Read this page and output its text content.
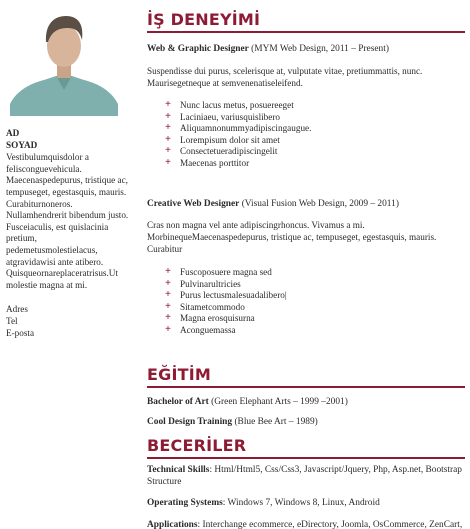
AD
SOYAD
Vestibulumquisdolor a felisconguevehicula. Maecenaspedepurus, tristique ac, tempuseget, egestasquis, mauris. Curabiturnoneros. Nullamhendrerit bibendum justo. Fusceiaculis, est quislacinia pretium, pedemetusmolestielacus, atgravidawisi ante atibero. Quisqueornareplaceratrisus.Ut molestie magna at mi.
Adres
Tel
E-posta
İŞ DENEYİMİ
Web & Graphic Designer (MYM Web Design, 2011 – Present)
Suspendisse dui purus, scelerisque at, vulputate vitae, pretiummattis, nunc. Maurisegetneque at semvenenatiseleifend.
+ Nunc lacus metus, posuereeget
+ Laciniaeu, variusquislibero
+ Aliquamnonummyadipiscingaugue.
+ Lorempisum dolor sit amet
+ Consectetueradipiscingelit
+ Maecenas porttitor
Creative Web Designer (Visual Fusion Web Design, 2009 – 2011)
Cras non magna vel ante adipiscingrhoncus. Vivamus a mi. MorbinequeMaecenaspedepurus, tristique ac, tempuseget, egestasquis, mauris. Curabitur
+ Fuscoposuere magna sed
+ Pulvinarultricies
+ Purus lectusmalesuadalibero|
+ Sitametcommodo
+ Magna erosquisurna
+ Aconguemassa
EĞİTİM
Bachelor of Art (Green Elephant Arts – 1999 –2001)
Cool Design Training (Blue Bee Art – 1989)
BECERİLER
Technical Skills: Html/Html5, Css/Css3, Javascript/Jquery, Php, Asp.net, Bootstrap Structure
Operating Systems: Windows 7, Windows 8, Linux, Android
Applications: Interchange ecommerce, eDirectory, Joomla, OsCommerce, ZenCart,
